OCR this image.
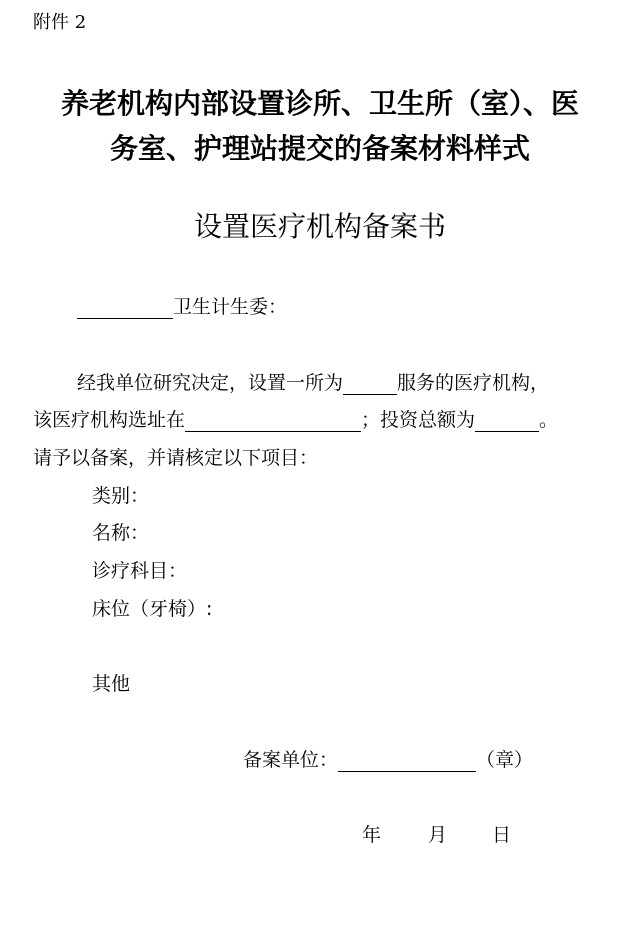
附件 2
养老机构内部设置诊所、卫生所（室）、医
务室、护理站提交的备案材料样式
设置医疗机构备案书
卫生计生委：
经我单位研究决定，设置一所为	服务的医疗机构，
该医疗机构选址在	；投资总额为	。
请予以备案，并请核定以下项目：
类别：
名称：
诊疗科目：
床位（牙椅）:
其他
备案单位：	（章）
年 月 日
